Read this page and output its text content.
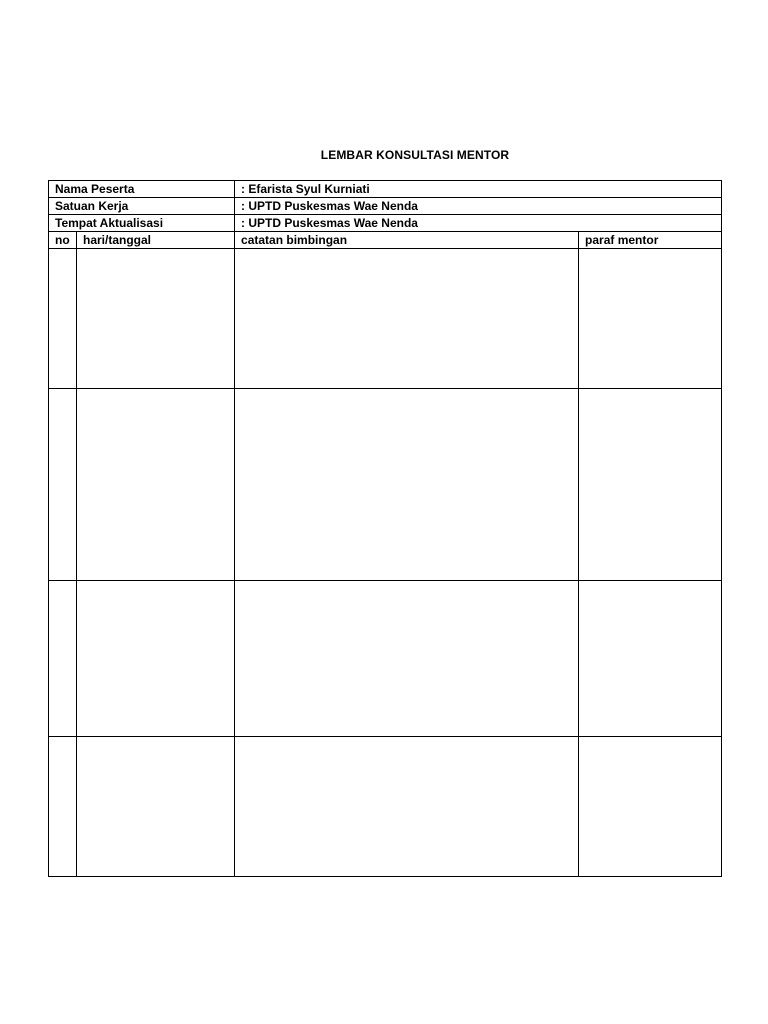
LEMBAR KONSULTASI MENTOR
Nama Peserta		: Efarista Syul Kurniati	
Satuan Kerja		: UPTD Puskesmas Wae Nenda	
Tempat Aktualisasi		: UPTD Puskesmas Wae Nenda	
no	hari/tanggal	catatan bimbingan	paraf mentor
